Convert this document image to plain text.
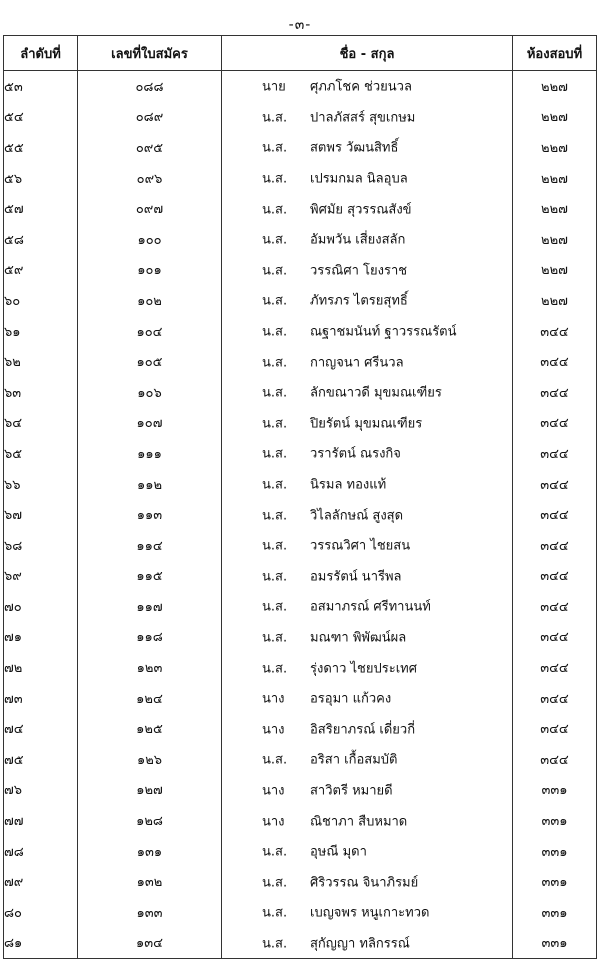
-๓-
ลำดับที่	เลขที่ใบสมัคร	ชื่อ - สกุล	ห้องสอบที่
๕๓	๐๘๘	นาย ศุภภโชค ช่วยนวล	๒๒๗
๕๔	๐๘๙	น.ส. ปาลภัสสร์ สุขเกษม	๒๒๗
๕๕	๐๙๕	น.ส. สตพร วัฒนสิทธิ์	๒๒๗
๕๖	๐๙๖	น.ส. เปรมกมล นิลอุบล	๒๒๗
๕๗	๐๙๗	น.ส. พิศมัย สุวรรณสังข์	๒๒๗
๕๘	๑๐๐	น.ส. อัมพวัน เสี่ยงสลัก	๒๒๗
๕๙	๑๐๑	น.ส. วรรณิศา โยงราช	๒๒๗
๖๐	๑๐๒	น.ส. ภัทรภร ไตรยสุทธิ์	๒๒๗
๖๑	๑๐๔	น.ส. ณฐาชมนันท์ ฐาวรรณรัตน์	๓๔๔
๖๒	๑๐๕	น.ส. กาญจนา ศรีนวล	๓๔๔
๖๓	๑๐๖	น.ส. ลักขณาวดี มุขมณเฑียร	๓๔๔
๖๔	๑๐๗	น.ส. ปิยรัตน์ มุขมณเฑียร	๓๔๔
๖๕	๑๑๑	น.ส. วรารัตน์ ณรงกิจ	๓๔๔
๖๖	๑๑๒	น.ส. นิรมล ทองแท้	๓๔๔
๖๗	๑๑๓	น.ส. วิไลลักษณ์ สูงสุด	๓๔๔
๖๘	๑๑๔	น.ส. วรรณวิศา ไชยสน	๓๔๔
๖๙	๑๑๕	น.ส. อมรรัตน์ นารีพล	๓๔๔
๗๐	๑๑๗	น.ส. อสมาภรณ์ ศรีทานนท์	๓๔๔
๗๑	๑๑๘	น.ส. มณฑา พิพัฒน์ผล	๓๔๔
๗๒	๑๒๓	น.ส. รุ่งดาว ไชยประเทศ	๓๔๔
๗๓	๑๒๔	นาง อรอุมา แก้วคง	๓๔๔
๗๔	๑๒๕	นาง อิสริยาภรณ์ เดี่ยวกี่	๓๔๔
๗๕	๑๒๖	น.ส. อริสา เกื้อสมบัติ	๓๔๔
๗๖	๑๒๗	นาง สาวิตรี หมายดี	๓๓๑
๗๗	๑๒๘	นาง ณิชาภา สืบหมาด	๓๓๑
๗๘	๑๓๑	น.ส. อุษณี มุดา	๓๓๑
๗๙	๑๓๒	น.ส. ศิริวรรณ จินาภิรมย์	๓๓๑
๘๐	๑๓๓	น.ส. เบญจพร หนูเกาะทวด	๓๓๑
๘๑	๑๓๔	น.ส. สุกัญญา ทลิกรรณ์	๓๓๑
